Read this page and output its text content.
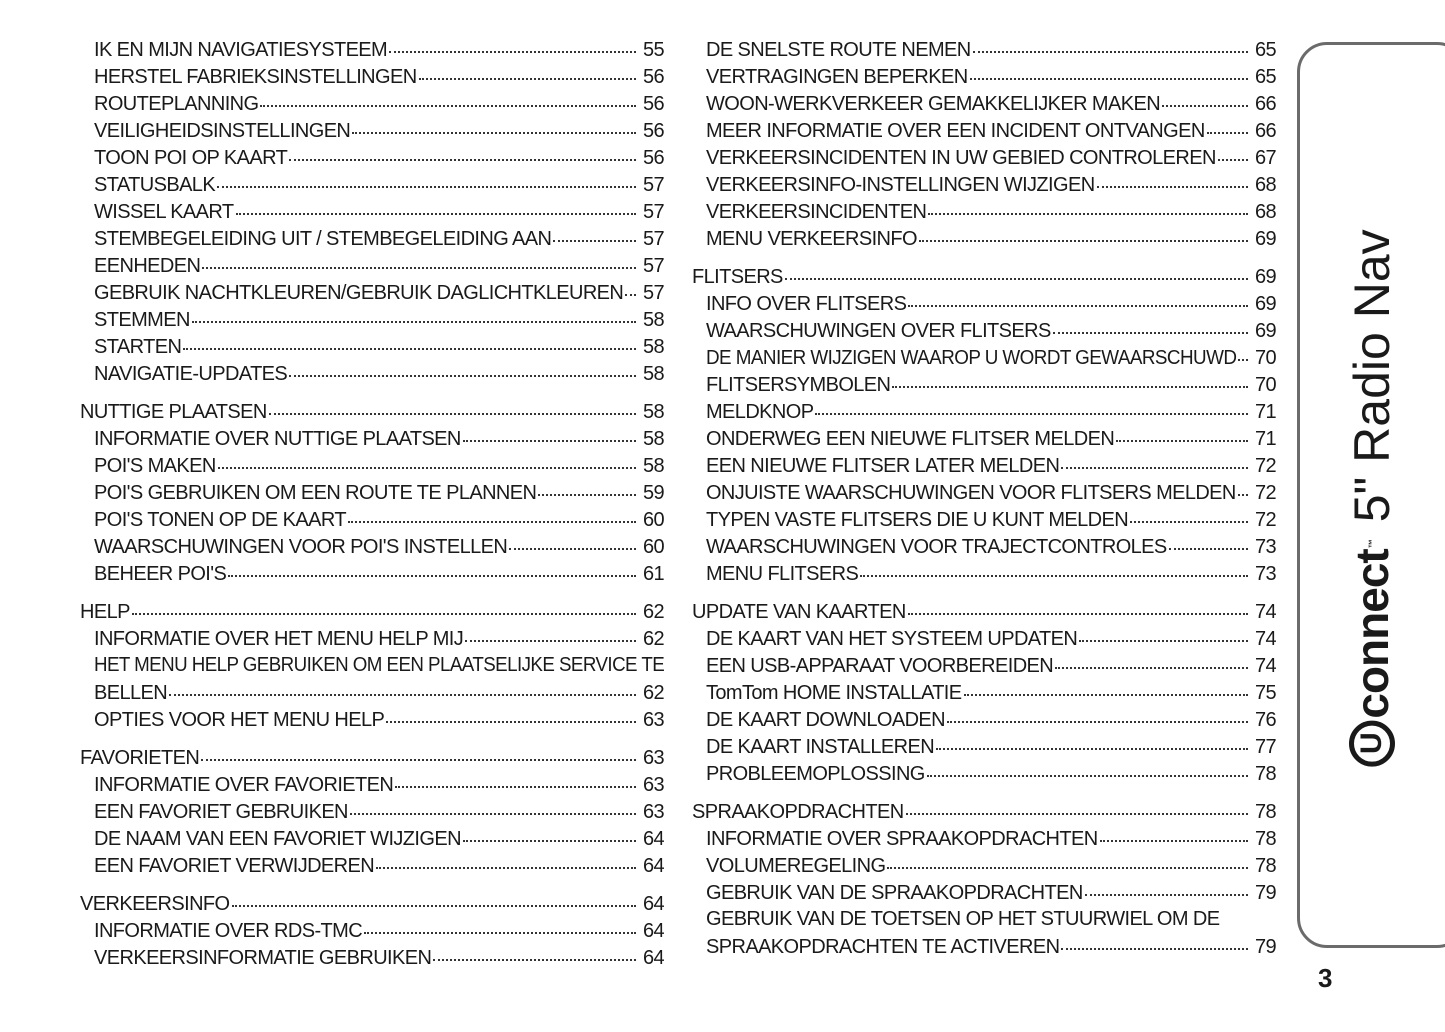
IK EN MIJN NAVIGATIESYSTEEM	55
HERSTEL FABRIEKSINSTELLINGEN	56
ROUTEPLANNING	56
VEILIGHEIDSINSTELLINGEN	56
TOON POI OP KAART	56
STATUSBALK	57
WISSEL KAART	57
STEMBEGELEIDING UIT / STEMBEGELEIDING AAN	57
EENHEDEN	57
GEBRUIK NACHTKLEUREN/GEBRUIK DAGLICHTKLEUREN 57
STEMMEN	58
STARTEN	58
NAVIGATIE-UPDATES	58
NUTTIGE PLAATSEN	58
INFORMATIE OVER NUTTIGE PLAATSEN	58
POI'S MAKEN	58
POI'S GEBRUIKEN OM EEN ROUTE TE PLANNEN	59
POI'S TONEN OP DE KAART	60
WAARSCHUWINGEN VOOR POI'S INSTELLEN	60
BEHEER POI'S	61
HELP	62
INFORMATIE OVER HET MENU HELP MIJ	62
HET MENU HELP GEBRUIKEN OM EEN PLAATSELIJKE SERVICE TE
BELLEN	62
OPTIES VOOR HET MENU HELP	63
FAVORIETEN	63
INFORMATIE OVER FAVORIETEN	63
EEN FAVORIET GEBRUIKEN	63
DE NAAM VAN EEN FAVORIET WIJZIGEN	64
EEN FAVORIET VERWIJDEREN	64
VERKEERSINFO	64
INFORMATIE OVER RDS-TMC	64
VERKEERSINFORMATIE GEBRUIKEN	64
DE SNELSTE ROUTE NEMEN	65
VERTRAGINGEN BEPERKEN	65
WOON-WERKVERKEER GEMAKKELIJKER MAKEN	66
MEER INFORMATIE OVER EEN INCIDENT ONTVANGEN	66
VERKEERSINCIDENTEN IN UW GEBIED CONTROLEREN 67
VERKEERSINFO-INSTELLINGEN WIJZIGEN	68
VERKEERSINCIDENTEN	68
MENU VERKEERSINFO	69
FLITSERS	69
INFO OVER FLITSERS	69
WAARSCHUWINGEN OVER FLITSERS	69
DE MANIER WIJZIGEN WAAROP U WORDT GEWAARSCHUWD 70
FLITSERSYMBOLEN	70
MELDKNOP	71
ONDERWEG EEN NIEUWE FLITSER MELDEN	71
EEN NIEUWE FLITSER LATER MELDEN	72
ONJUISTE WAARSCHUWINGEN VOOR FLITSERS MELDEN 72
TYPEN VASTE FLITSERS DIE U KUNT MELDEN	72
WAARSCHUWINGEN VOOR TRAJECTCONTROLES	73
MENU FLITSERS	73
UPDATE VAN KAARTEN	74
DE KAART VAN HET SYSTEEM UPDATEN	74
EEN USB-APPARAAT VOORBEREIDEN	74
TomTom HOME INSTALLATIE	75
DE KAART DOWNLOADEN	76
DE KAART INSTALLEREN	77
PROBLEEMOPLOSSING	78
SPRAAKOPDRACHTEN	78
INFORMATIE OVER SPRAAKOPDRACHTEN	78
VOLUMEREGELING	78
GEBRUIK VAN DE SPRAAKOPDRACHTEN	79
GEBRUIK VAN DE TOETSEN OP HET STUURWIEL OM DE
SPRAAKOPDRACHTEN TE ACTIVEREN	79
U
connect
™
5" Radio Nav
3
